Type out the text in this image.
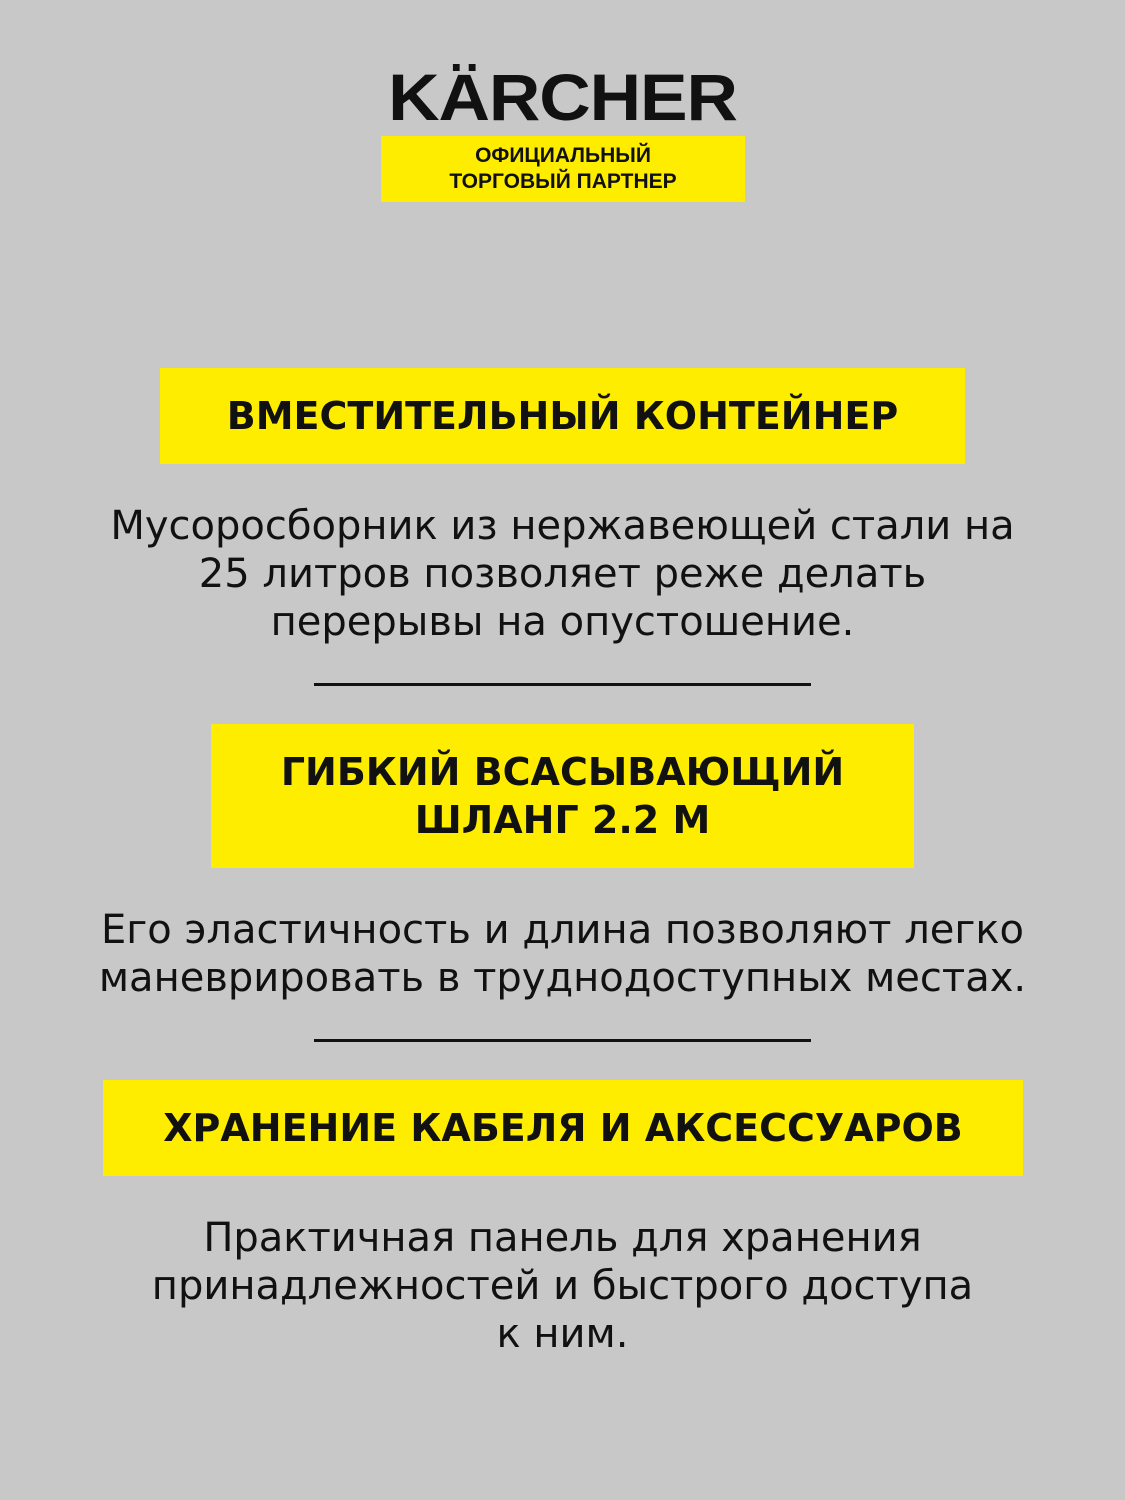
KÄRCHER
ОФИЦИАЛЬНЫЙ
ТОРГОВЫЙ ПАРТНЕР
ВМЕСТИТЕЛЬНЫЙ КОНТЕЙНЕР
Мусоросборник из нержавеющей стали на
25 литров позволяет реже делать
перерывы на опустошение.
ГИБКИЙ ВСАСЫВАЮЩИЙ
ШЛАНГ 2.2 М
Его эластичность и длина позволяют легко
маневрировать в труднодоступных местах.
ХРАНЕНИЕ КАБЕЛЯ И АКСЕССУАРОВ
Практичная панель для хранения
принадлежностей и быстрого доступа
к ним.
